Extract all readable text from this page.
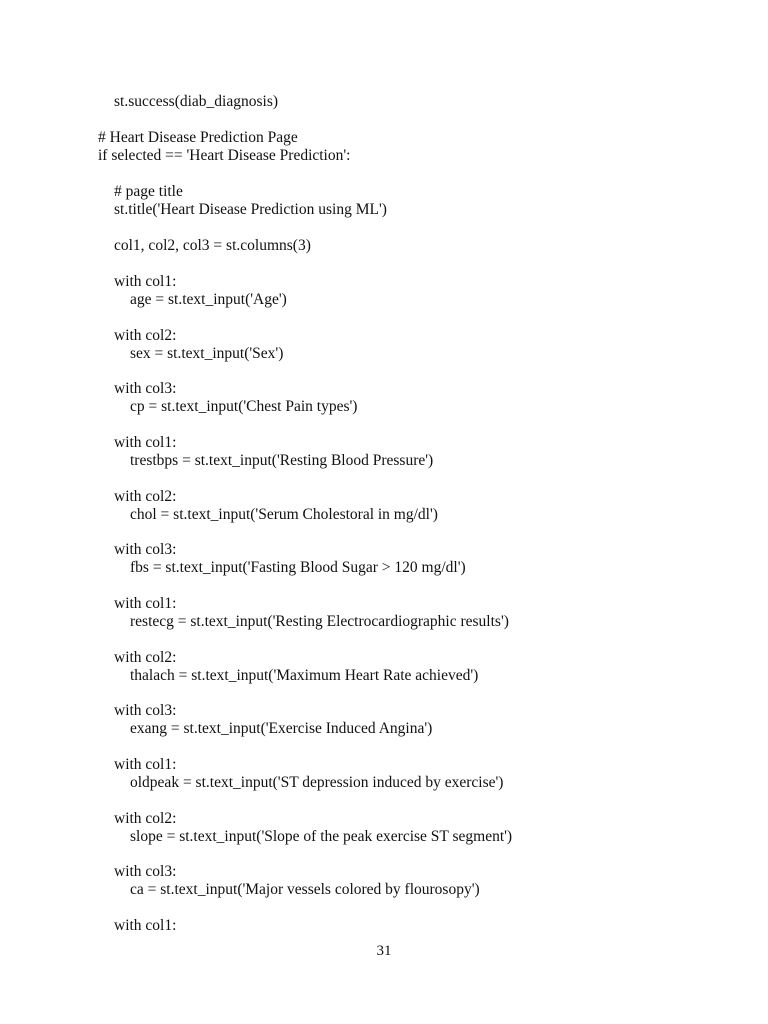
st.success(diab_diagnosis)
# Heart Disease Prediction Page
if selected == 'Heart Disease Prediction':
# page title
st.title('Heart Disease Prediction using ML')
col1, col2, col3 = st.columns(3)
with col1:
age = st.text_input('Age')
with col2:
sex = st.text_input('Sex')
with col3:
cp = st.text_input('Chest Pain types')
with col1:
trestbps = st.text_input('Resting Blood Pressure')
with col2:
chol = st.text_input('Serum Cholestoral in mg/dl')
with col3:
fbs = st.text_input('Fasting Blood Sugar > 120 mg/dl')
with col1:
restecg = st.text_input('Resting Electrocardiographic results')
with col2:
thalach = st.text_input('Maximum Heart Rate achieved')
with col3:
exang = st.text_input('Exercise Induced Angina')
with col1:
oldpeak = st.text_input('ST depression induced by exercise')
with col2:
slope = st.text_input('Slope of the peak exercise ST segment')
with col3:
ca = st.text_input('Major vessels colored by flourosopy')
with col1:
31
